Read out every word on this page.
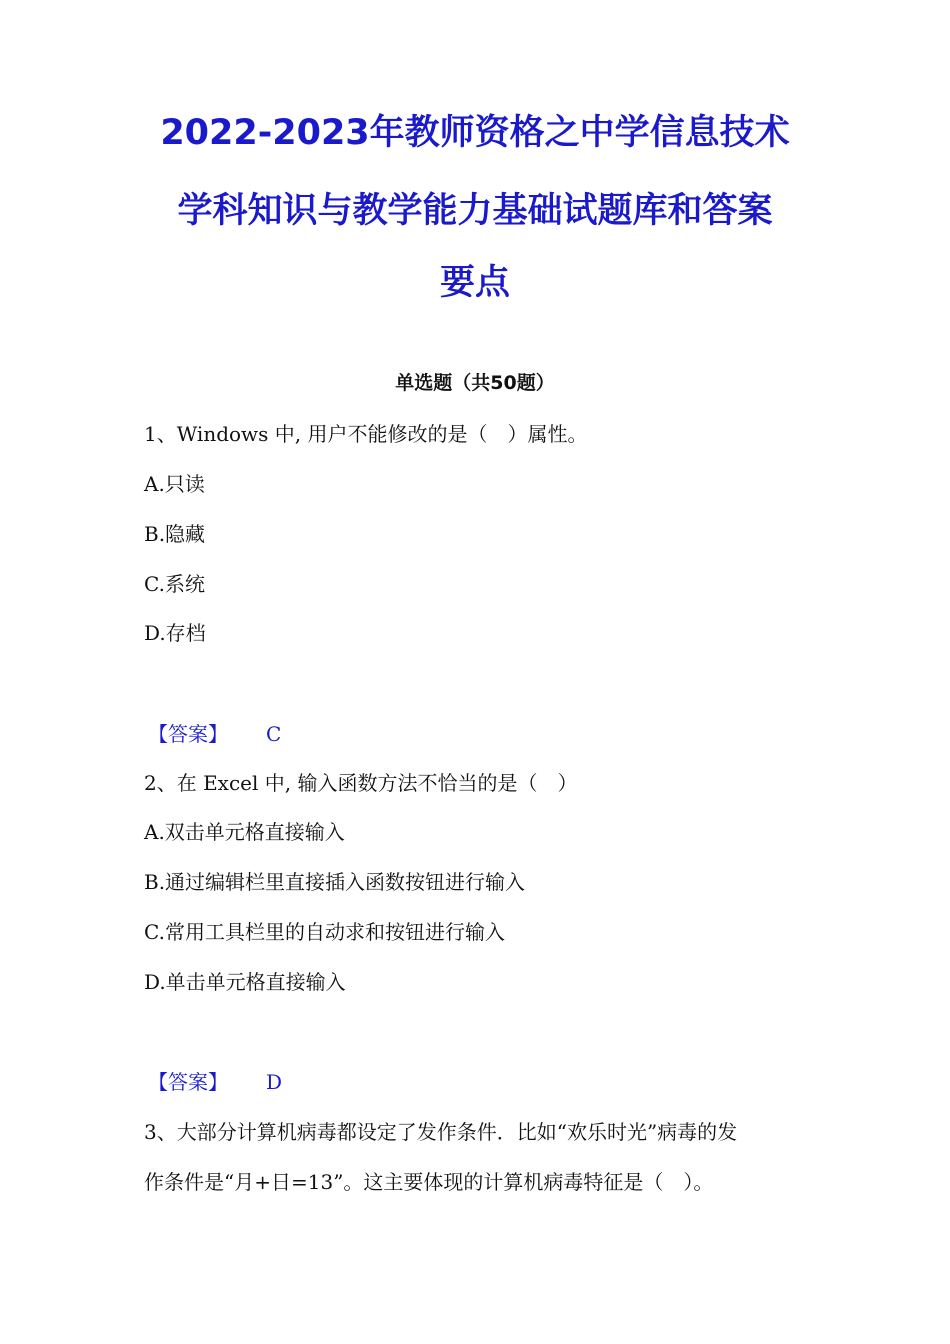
2022-2023年教师资格之中学信息技术
学科知识与教学能力基础试题库和答案
要点
单选题（共50题）
1、Windows 中, 用户不能修改的是（　）属性。
A.只读
B.隐藏
C.系统
D.存档
【答案】 C
2、在 Excel 中, 输入函数方法不恰当的是（　）
A.双击单元格直接输入
B.通过编辑栏里直接插入函数按钮进行输入
C.常用工具栏里的自动求和按钮进行输入
D.单击单元格直接输入
【答案】 D
3、大部分计算机病毒都设定了发作条件．比如“欢乐时光”病毒的发
作条件是“月+日=13”。这主要体现的计算机病毒特征是（　）。
